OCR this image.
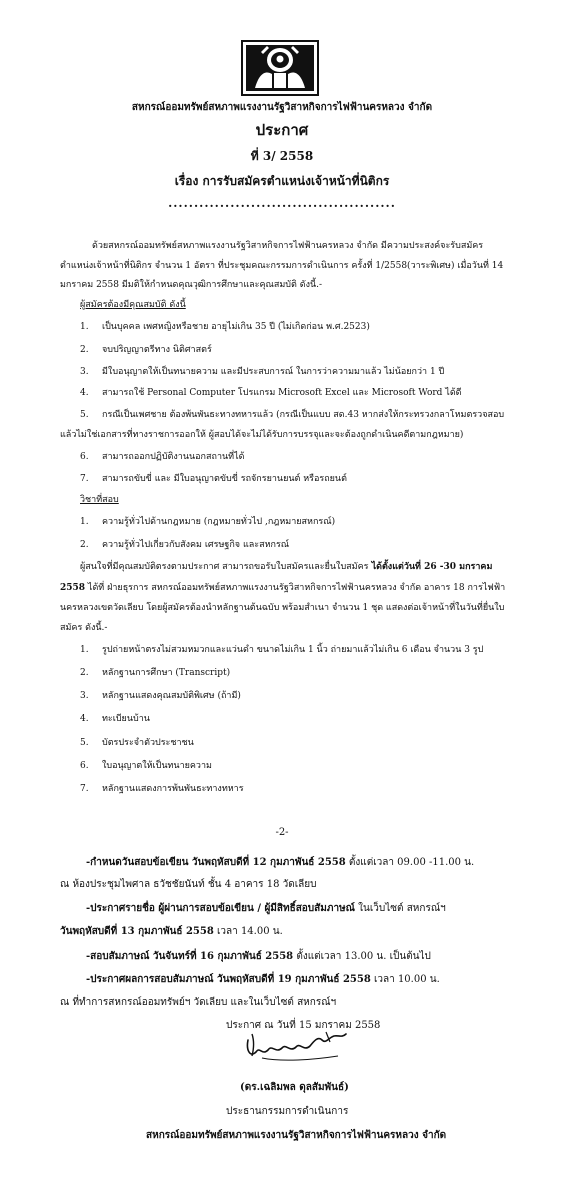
สหกรณ์ออมทรัพย์สหภาพแรงงานรัฐวิสาหกิจการไฟฟ้านครหลวง จำกัด
ประกาศ
ที่ 3/ 2558
เรื่อง การรับสมัครตำแหน่งเจ้าหน้าที่นิติกร
............................................
ด้วยสหกรณ์ออมทรัพย์สหภาพแรงงานรัฐวิสาหกิจการไฟฟ้านครหลวง จำกัด มีความประสงค์จะรับสมัคร
ตำแหน่งเจ้าหน้าที่นิติกร จำนวน 1 อัตรา ที่ประชุมคณะกรรมการดำเนินการ ครั้งที่ 1/2558(วาระพิเศษ) เมื่อวันที่ 14
มกราคม 2558 มีมติให้กำหนดคุณวุฒิการศึกษาและคุณสมบัติ ดังนี้.-
ผู้สมัครต้องมีคุณสมบัติ ดังนี้
1. เป็นบุคคล เพศหญิงหรือชาย อายุไม่เกิน 35 ปี (ไม่เกิดก่อน พ.ศ.2523)
2. จบปริญญาตรีทาง นิติศาสตร์
3. มีใบอนุญาตให้เป็นทนายความ และมีประสบการณ์ ในการว่าความมาแล้ว ไม่น้อยกว่า 1 ปี
4. สามารถใช้ Personal Computer โปรแกรม Microsoft Excel และ Microsoft Word ได้ดี
5. กรณีเป็นเพศชาย ต้องพ้นพันธะทางทหารแล้ว (กรณีเป็นแบบ สด.43 หากส่งให้กระทรวงกลาโหมตรวจสอบ
แล้วไม่ใช่เอกสารที่ทางราชการออกให้ ผู้สอบได้จะไม่ได้รับการบรรจุและจะต้องถูกดำเนินคดีตามกฎหมาย)
6. สามารถออกปฏิบัติงานนอกสถานที่ได้
7. สามารถขับขี่ และ มีใบอนุญาตขับขี่ รถจักรยานยนต์ หรือรถยนต์
วิชาที่สอบ
1. ความรู้ทั่วไปด้านกฎหมาย (กฎหมายทั่วไป ,กฎหมายสหกรณ์)
2. ความรู้ทั่วไปเกี่ยวกับสังคม เศรษฐกิจ และสหกรณ์
ผู้สนใจที่มีคุณสมบัติตรงตามประกาศ สามารถขอรับใบสมัครและยื่นใบสมัคร ได้ตั้งแต่วันที่ 26 -30 มกราคม
2558 ได้ที่ ฝ่ายธุรการ สหกรณ์ออมทรัพย์สหภาพแรงงานรัฐวิสาหกิจการไฟฟ้านครหลวง จำกัด อาคาร 18 การไฟฟ้า
นครหลวงเขตวัดเลียบ โดยผู้สมัครต้องนำหลักฐานต้นฉบับ พร้อมสำเนา จำนวน 1 ชุด แสดงต่อเจ้าหน้าที่ในวันที่ยื่นใบ
สมัคร ดังนี้.-
1. รูปถ่ายหน้าตรงไม่สวมหมวกและแว่นดำ ขนาดไม่เกิน 1 นิ้ว ถ่ายมาแล้วไม่เกิน 6 เดือน จำนวน 3 รูป
2. หลักฐานการศึกษา (Transcript)
3. หลักฐานแสดงคุณสมบัติพิเศษ (ถ้ามี)
4. ทะเบียนบ้าน
5. บัตรประจำตัวประชาชน
6. ใบอนุญาตให้เป็นทนายความ
7. หลักฐานแสดงการพ้นพันธะทางทหาร
-2-
-กำหนดวันสอบข้อเขียน วันพฤหัสบดีที่ 12 กุมภาพันธ์ 2558 ตั้งแต่เวลา 09.00 -11.00 น.
ณ ห้องประชุมไพศาล ธวัชชัยนันท์ ชั้น 4 อาคาร 18 วัดเลียบ
-ประกาศรายชื่อ ผู้ผ่านการสอบข้อเขียน / ผู้มีสิทธิ์สอบสัมภาษณ์ ในเว็บไซต์ สหกรณ์ฯ
วันพฤหัสบดีที่ 13 กุมภาพันธ์ 2558 เวลา 14.00 น.
-สอบสัมภาษณ์ วันจันทร์ที่ 16 กุมภาพันธ์ 2558 ตั้งแต่เวลา 13.00 น. เป็นต้นไป
-ประกาศผลการสอบสัมภาษณ์ วันพฤหัสบดีที่ 19 กุมภาพันธ์ 2558 เวลา 10.00 น.
ณ ที่ทำการสหกรณ์ออมทรัพย์ฯ วัดเลียบ และในเว็บไซต์ สหกรณ์ฯ
ประกาศ ณ วันที่ 15 มกราคม 2558
(ดร.เฉลิมพล ดุลสัมพันธ์)
ประธานกรรมการดำเนินการ
สหกรณ์ออมทรัพย์สหภาพแรงงานรัฐวิสาหกิจการไฟฟ้านครหลวง จำกัด
